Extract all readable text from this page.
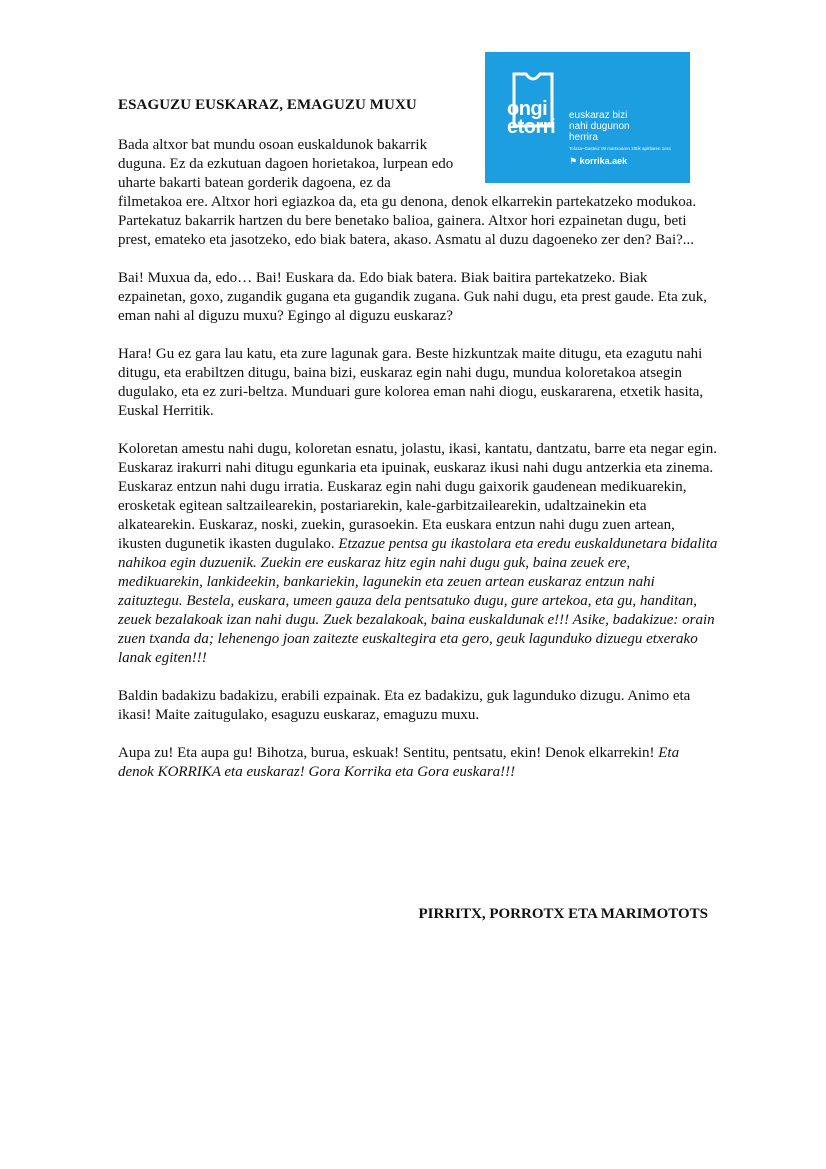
ESAGUZU EUSKARAZ, EMAGUZU MUXU	ongi
etorri
euskaraz bizi
nahi dugunon
herrira
Tolosa–Gasteiz 09 martxoaren 20tik apirilaren 1era
⚑ korrika.aek
Bada altxor bat mundu osoan euskaldunok bakarrik duguna. Ez da ezkutuan dagoen horietakoa, lurpean edo uharte bakarti batean gorderik dagoena, ez da
filmetakoa ere. Altxor hori egiazkoa da, eta gu denona, denok elkarrekin partekatzeko modukoa.
Partekatuz bakarrik hartzen du bere benetako balioa, gainera. Altxor hori ezpainetan dugu, beti prest, emateko eta jasotzeko, edo biak batera, akaso. Asmatu al duzu dagoeneko zer den? Bai?...
Bai! Muxua da, edo… Bai! Euskara da. Edo biak batera. Biak baitira partekatzeko. Biak ezpainetan, goxo, zugandik gugana eta gugandik zugana. Guk nahi dugu, eta prest gaude. Eta zuk, eman nahi al diguzu muxu? Egingo al diguzu euskaraz?
Hara! Gu ez gara lau katu, eta zure lagunak gara. Beste hizkuntzak maite ditugu, eta ezagutu nahi ditugu, eta erabiltzen ditugu, baina bizi, euskaraz egin nahi dugu, mundua koloretakoa atsegin dugulako, eta ez zuri-beltza. Munduari gure kolorea eman nahi diogu, euskararena, etxetik hasita, Euskal Herritik.
Koloretan amestu nahi dugu, koloretan esnatu, jolastu, ikasi, kantatu, dantzatu, barre eta negar egin. Euskaraz irakurri nahi ditugu egunkaria eta ipuinak, euskaraz ikusi nahi dugu antzerkia eta zinema. Euskaraz entzun nahi dugu irratia. Euskaraz egin nahi dugu gaixorik gaudenean medikuarekin, erosketak egitean saltzailearekin, postariarekin, kale-garbitzailearekin, udaltzainekin eta alkatearekin. Euskaraz, noski, zuekin, gurasoekin. Eta euskara entzun nahi dugu zuen artean, ikusten dugunetik ikasten dugulako. Etzazue pentsa gu ikastolara eta eredu euskaldunetara bidalita nahikoa egin duzuenik. Zuekin ere euskaraz hitz egin nahi dugu guk, baina zeuek ere, medikuarekin, lankideekin, bankariekin, lagunekin eta zeuen artean euskaraz entzun nahi zaituztegu. Bestela, euskara, umeen gauza dela pentsatuko dugu, gure artekoa, eta gu, handitan, zeuek bezalakoak izan nahi dugu. Zuek bezalakoak, baina euskaldunak e!!! Asike, badakizue: orain zuen txanda da; lehenengo joan zaitezte euskaltegira eta gero, geuk lagunduko dizuegu etxerako lanak egiten!!!
Baldin badakizu badakizu, erabili ezpainak. Eta ez badakizu, guk lagunduko dizugu. Animo eta ikasi! Maite zaitugulako, esaguzu euskaraz, emaguzu muxu.
Aupa zu! Eta aupa gu! Bihotza, burua, eskuak! Sentitu, pentsatu, ekin! Denok elkarrekin! Eta denok KORRIKA eta euskaraz! Gora Korrika eta Gora euskara!!!
PIRRITX, PORROTX ETA MARIMOTOTS
